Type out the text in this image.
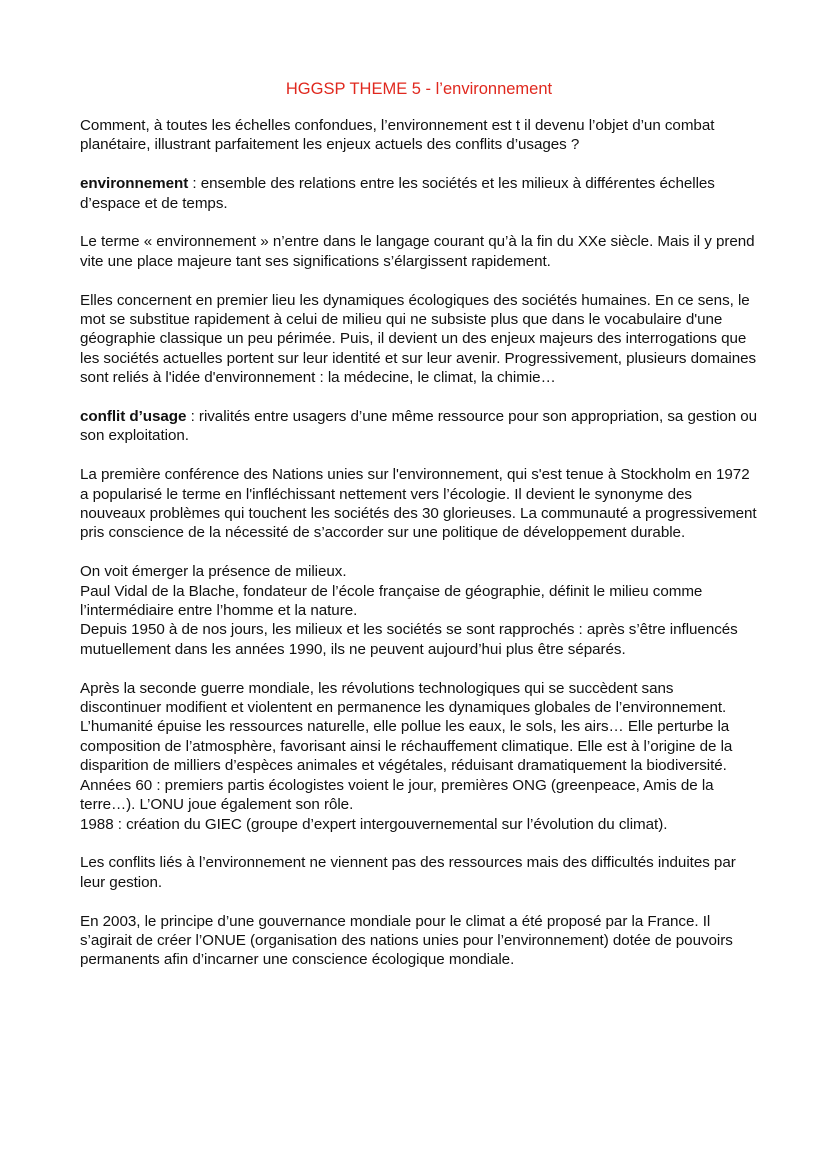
HGGSP THEME 5 - l’environnement

Comment, à toutes les échelles confondues, l’environnement est t il devenu l’objet d’un combat planétaire, illustrant parfaitement les enjeux actuels des conflits d’usages ?

environnement : ensemble des relations entre les sociétés et les milieux à différentes échelles d’espace et de temps.

Le terme « environnement » n’entre dans le langage courant qu’à la fin du XXe siècle. Mais il y prend vite une place majeure tant ses significations s’élargissent rapidement.

Elles concernent en premier lieu les dynamiques écologiques des sociétés humaines. En ce sens, le mot se substitue rapidement à celui de milieu qui ne subsiste plus que dans le vocabulaire d'une géographie classique un peu périmée. Puis, il devient un des enjeux majeurs des interrogations que les sociétés actuelles portent sur leur identité et sur leur avenir. Progressivement, plusieurs domaines sont reliés à l'idée d'environnement : la médecine, le climat, la chimie…

conflit d’usage : rivalités entre usagers d’une même ressource pour son appropriation, sa gestion ou son exploitation.

La première conférence des Nations unies sur l'environnement, qui s'est tenue à Stockholm en 1972 a popularisé le terme en l'infléchissant nettement vers l’écologie. Il devient le synonyme des nouveaux problèmes qui touchent les sociétés des 30 glorieuses. La communauté a progressivement pris conscience de la nécessité de s’accorder sur une politique de développement durable.

On voit émerger la présence de milieux.
Paul Vidal de la Blache, fondateur de l’école française de géographie, définit le milieu comme l’intermédiaire entre l’homme et la nature.
Depuis 1950 à de nos jours, les milieux et les sociétés se sont rapprochés : après s’être influencés mutuellement dans les années 1990, ils ne peuvent aujourd’hui plus être séparés.

Après la seconde guerre mondiale, les révolutions technologiques qui se succèdent sans discontinuer modifient et violentent en permanence les dynamiques globales de l’environnement. L’humanité épuise les ressources naturelle, elle pollue les eaux, le sols, les airs… Elle perturbe la composition de l’atmosphère, favorisant ainsi le réchauffement climatique. Elle est à l’origine de la disparition de milliers d’espèces animales et végétales, réduisant dramatiquement la biodiversité.
Années 60 : premiers partis écologistes voient le jour, premières ONG (greenpeace, Amis de la terre…). L’ONU joue également son rôle.
1988 : création du GIEC (groupe d’expert intergouvernemental sur l’évolution du climat).

Les conflits liés à l’environnement ne viennent pas des ressources mais des difficultés induites par leur gestion.

En 2003, le principe d’une gouvernance mondiale pour le climat a été proposé par la France. Il s’agirait de créer l’ONUE (organisation des nations unies pour l’environnement) dotée de pouvoirs permanents afin d’incarner une conscience écologique mondiale.
